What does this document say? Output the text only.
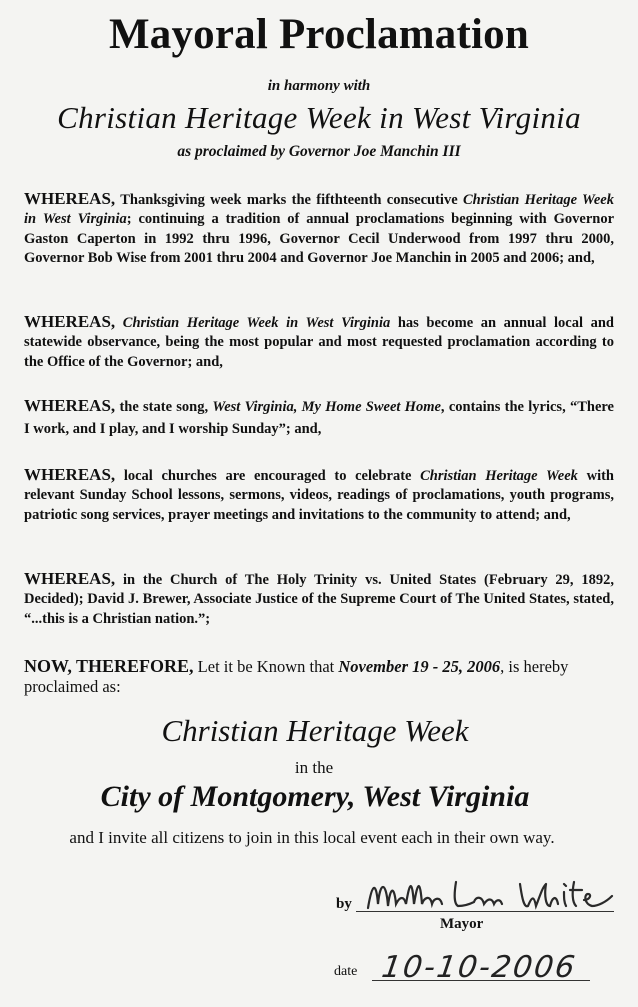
Mayoral Proclamation
in harmony with
Christian Heritage Week in West Virginia
as proclaimed by Governor Joe Manchin III
WHEREAS, Thanksgiving week marks the fifthteenth consecutive Christian Heritage Week in West Virginia; continuing a tradition of annual proclamations beginning with Governor Gaston Caperton in 1992 thru 1996, Governor Cecil Underwood from 1997 thru 2000, Governor Bob Wise from 2001 thru 2004 and Governor Joe Manchin in 2005 and 2006; and,
WHEREAS, Christian Heritage Week in West Virginia has become an annual local and statewide observance, being the most popular and most requested proclamation according to the Office of the Governor; and,
WHEREAS, the state song, West Virginia, My Home Sweet Home, contains the lyrics, “There I work, and I play, and I worship Sunday”; and,
WHEREAS, local churches are encouraged to celebrate Christian Heritage Week with relevant Sunday School lessons, sermons, videos, readings of proclamations, youth programs, patriotic song services, prayer meetings and invitations to the community to attend; and,
WHEREAS, in the Church of The Holy Trinity vs. United States (February 29, 1892, Decided); David J. Brewer, Associate Justice of the Supreme Court of The United States, stated, “...this is a Christian nation.”;
NOW, THEREFORE, Let it be Known that November 19 - 25, 2006, is hereby proclaimed as:
Christian Heritage Week
in the
City of Montgomery, West Virginia
and I invite all citizens to join in this local event each in their own way.
by
Mayor
date 10-10-2006
